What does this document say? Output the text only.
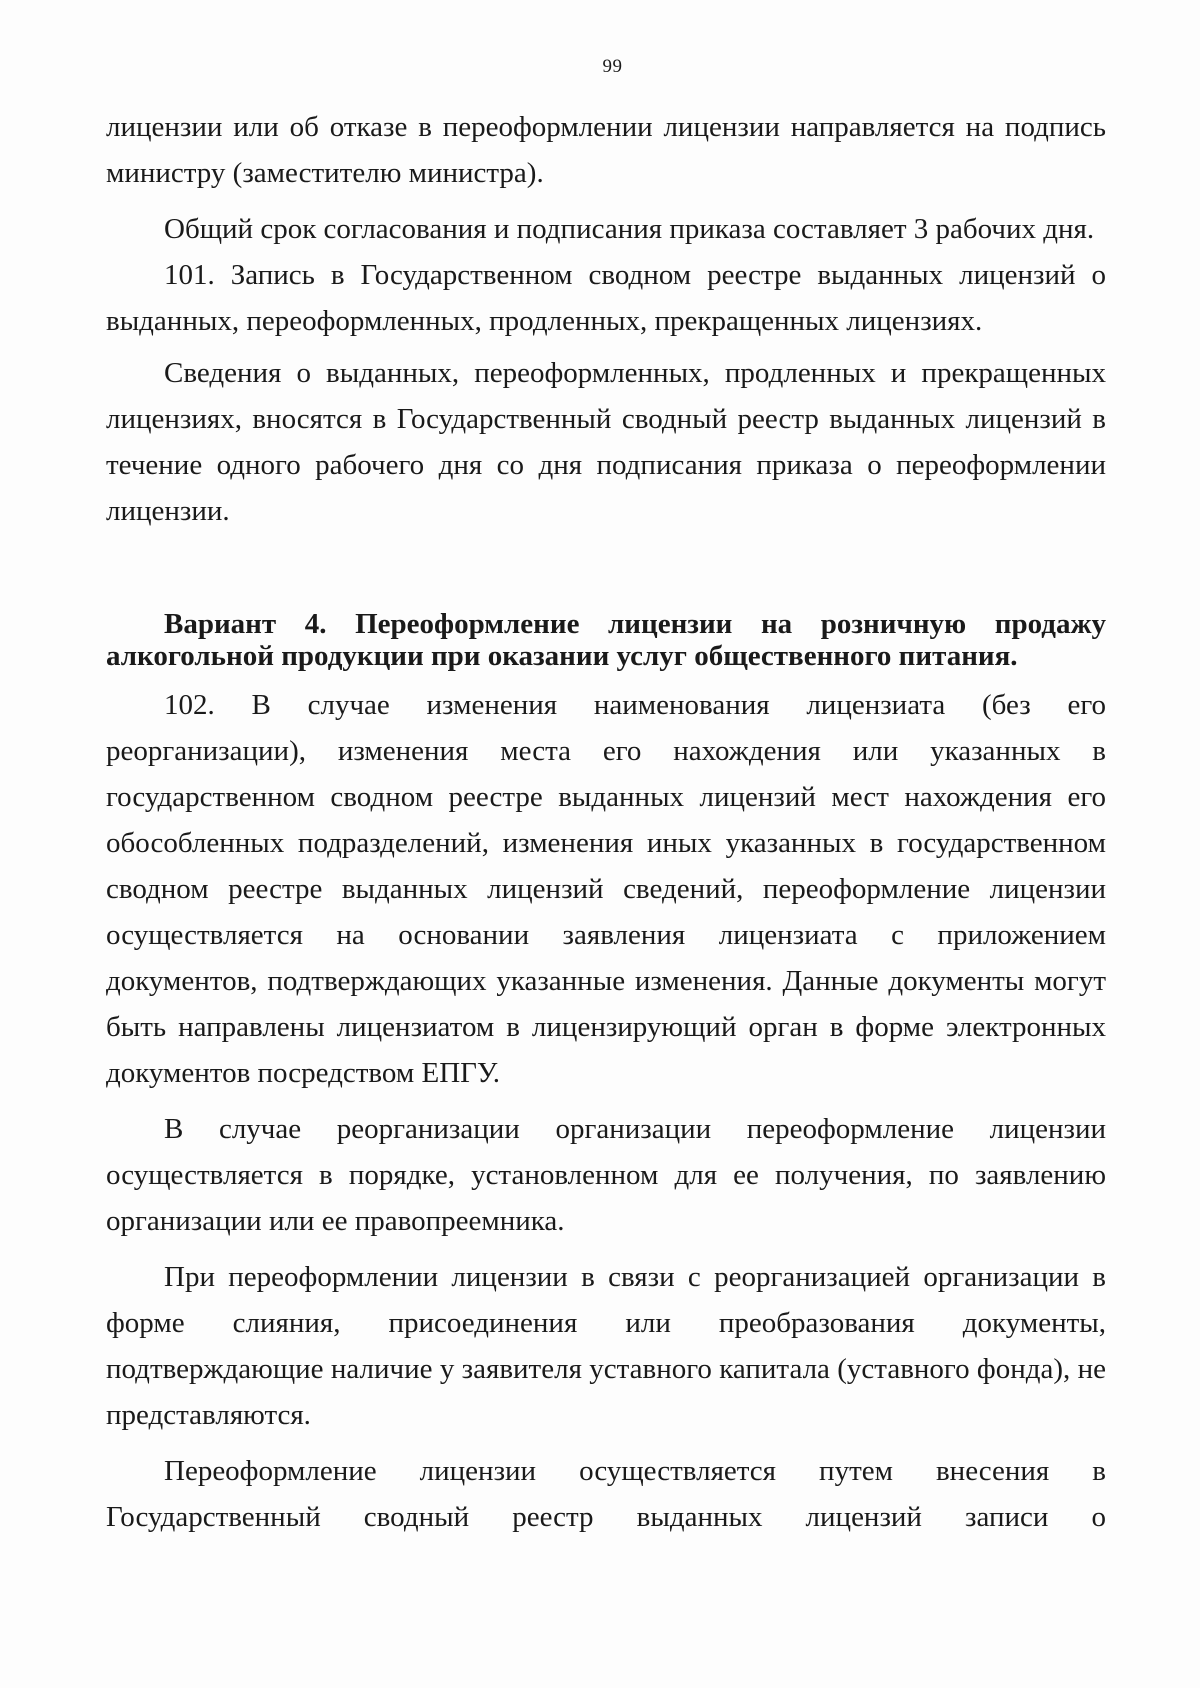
99

лицензии или об отказе в переоформлении лицензии направляется на подпись министру (заместителю министра).

Общий срок согласования и подписания приказа составляет 3 рабочих дня.

101. Запись в Государственном сводном реестре выданных лицензий о выданных, переоформленных, продленных, прекращенных лицензиях.

Сведения о выданных, переоформленных, продленных и прекращенных лицензиях, вносятся в Государственный сводный реестр выданных лицензий в течение одного рабочего дня со дня подписания приказа о переоформлении лицензии.

Вариант 4. Переоформление лицензии на розничную продажу алкогольной продукции при оказании услуг общественного питания.

102. В случае изменения наименования лицензиата (без его реорганизации), изменения места его нахождения или указанных в государственном сводном реестре выданных лицензий мест нахождения его обособленных подразделений, изменения иных указанных в государственном сводном реестре выданных лицензий сведений, переоформление лицензии осуществляется на основании заявления лицензиата с приложением документов, подтверждающих указанные изменения. Данные документы могут быть направлены лицензиатом в лицензирующий орган в форме электронных документов посредством ЕПГУ.

В случае реорганизации организации переоформление лицензии осуществляется в порядке, установленном для ее получения, по заявлению организации или ее правопреемника.

При переоформлении лицензии в связи с реорганизацией организации в форме слияния, присоединения или преобразования документы, подтверждающие наличие у заявителя уставного капитала (уставного фонда), не представляются.

Переоформление лицензии осуществляется путем внесения в Государственный сводный реестр выданных лицензий записи о
